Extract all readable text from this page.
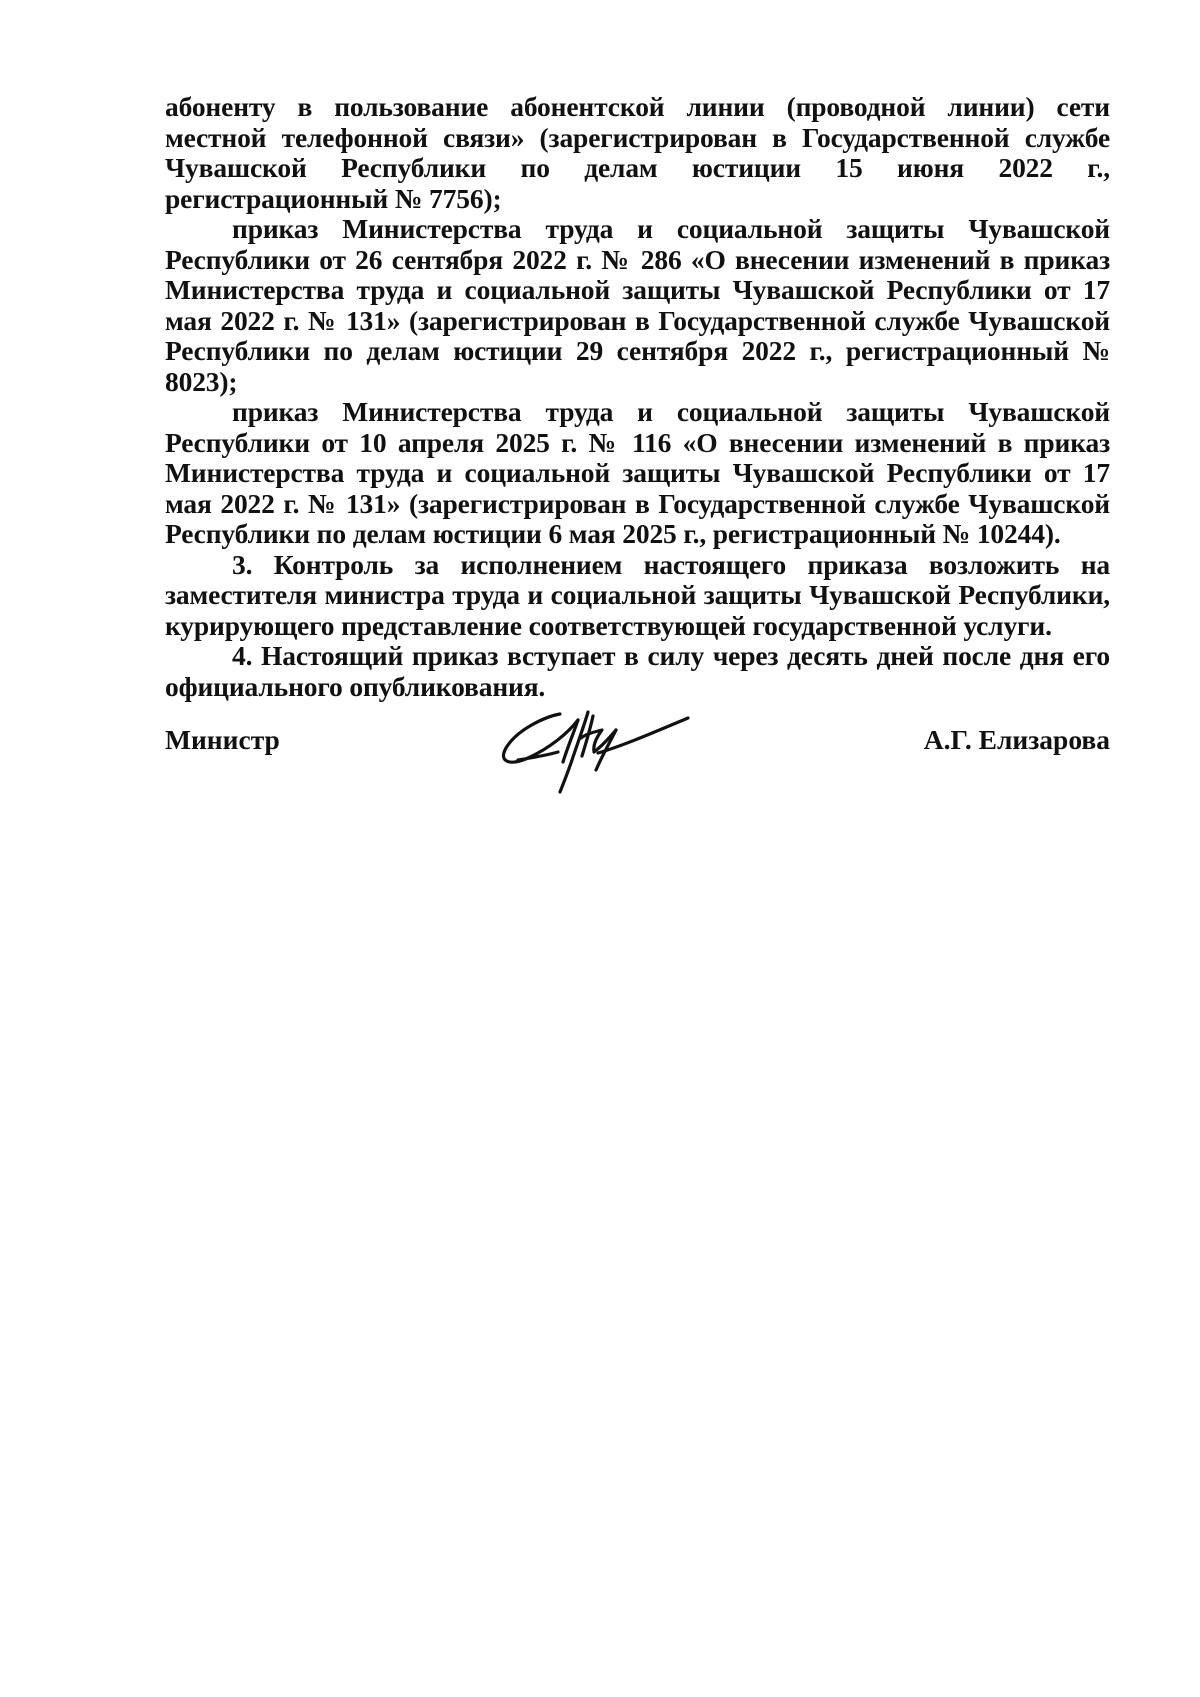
абоненту в пользование абонентской линии (проводной линии) сети местной телефонной связи» (зарегистрирован в Государственной службе Чувашской Республики по делам юстиции 15 июня 2022 г., регистрационный № 7756);

приказ Министерства труда и социальной защиты Чувашской Республики от 26 сентября 2022 г. № 286 «О внесении изменений в приказ Министерства труда и социальной защиты Чувашской Республики от 17 мая 2022 г. № 131» (зарегистрирован в Государственной службе Чувашской Республики по делам юстиции 29 сентября 2022 г., регистрационный № 8023);

приказ Министерства труда и социальной защиты Чувашской Республики от 10 апреля 2025 г. № 116 «О внесении изменений в приказ Министерства труда и социальной защиты Чувашской Республики от 17 мая 2022 г. № 131» (зарегистрирован в Государственной службе Чувашской Республики по делам юстиции 6 мая 2025 г., регистрационный № 10244).

3. Контроль за исполнением настоящего приказа возложить на заместителя министра труда и социальной защиты Чувашской Республики, курирующего представление соответствующей государственной услуги.

4. Настоящий приказ вступает в силу через десять дней после дня его официального опубликования.

Министр	А.Г. Елизарова
